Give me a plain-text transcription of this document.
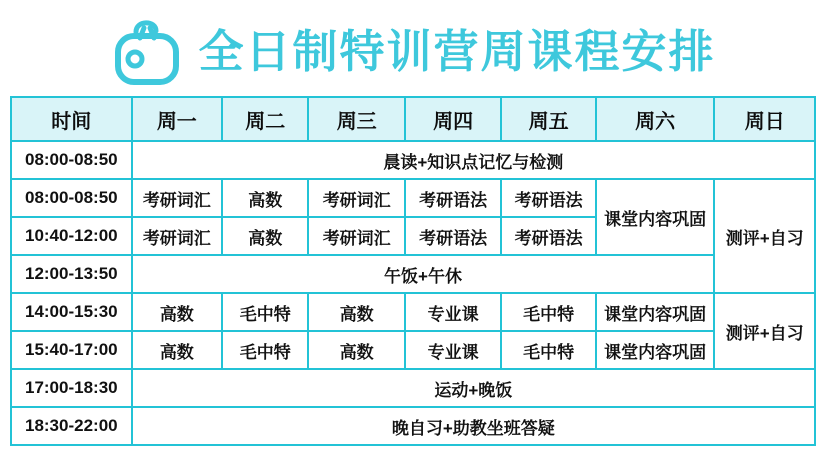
全日制特训营周课程安排
时间	周一	周二	周三	周四	周五	周六	周日
08:00-08:50	晨读+知识点记忆与检测						
08:00-08:50	考研词汇	高数	考研词汇	考研语法	考研语法	课堂内容巩固	测评+自习
10:40-12:00	考研词汇	高数	考研词汇	考研语法	考研语法		
12:00-13:50	午饭+午休						
14:00-15:30	高数	毛中特	高数	专业课	毛中特	课堂内容巩固	测评+自习
15:40-17:00	高数	毛中特	高数	专业课	毛中特	课堂内容巩固	
17:00-18:30	运动+晚饭						
18:30-22:00	晚自习+助教坐班答疑						
